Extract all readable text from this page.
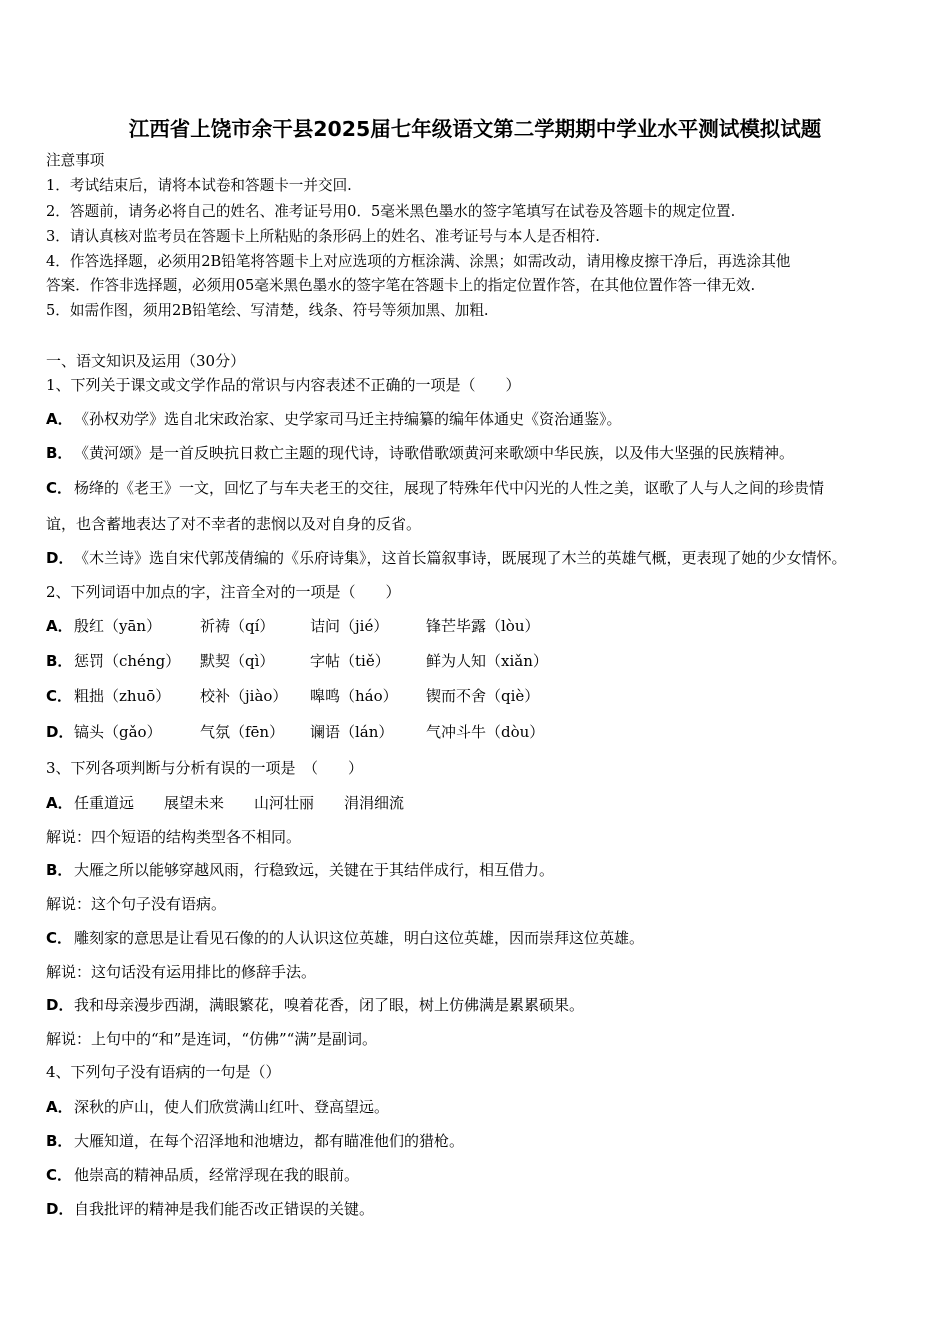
江西省上饶市余干县2025届七年级语文第二学期期中学业水平测试模拟试题
注意事项
1．考试结束后，请将本试卷和答题卡一并交回.
2．答题前，请务必将自己的姓名、准考证号用0．5毫米黑色墨水的签字笔填写在试卷及答题卡的规定位置.
3．请认真核对监考员在答题卡上所粘贴的条形码上的姓名、准考证号与本人是否相符.
4．作答选择题，必须用2B铅笔将答题卡上对应选项的方框涂满、涂黑；如需改动，请用橡皮擦干净后，再选涂其他
答案．作答非选择题，必须用05毫米黑色墨水的签字笔在答题卡上的指定位置作答，在其他位置作答一律无效.
5．如需作图，须用2B铅笔绘、写清楚，线条、符号等须加黑、加粗.
一、语文知识及运用（30分）
1、下列关于课文或文学作品的常识与内容表述不正确的一项是（　　）
A．《孙权劝学》选自北宋政治家、史学家司马迁主持编纂的编年体通史《资治通鉴》。
B． 《黄河颂》是一首反映抗日救亡主题的现代诗，诗歌借歌颂黄河来歌颂中华民族，以及伟大坚强的民族精神。
C． 杨绛的《老王》一文，回忆了与车夫老王的交往，展现了特殊年代中闪光的人性之美，讴歌了人与人之间的珍贵情
谊，也含蓄地表达了对不幸者的悲悯以及对自身的反省。
D．《木兰诗》选自宋代郭茂倩编的《乐府诗集》，这首长篇叙事诗，既展现了木兰的英雄气概，更表现了她的少女情怀。
2、下列词语中加点的字，注音全对的一项是（　　）
A．殷红（yān）	祈祷（qí） 诘问（jié）	锋芒毕露（lòu）
B． 惩罚（chéng） 默契（qì） 字帖（tiě） 鲜为人知（xiǎn）
C． 粗拙（zhuō） 校补（jiào） 嗥鸣（háo） 锲而不舍（qiè）
D．镐头（gǎo）	气氛（fēn） 谰语（lán） 气冲斗牛（dòu）
3、下列各项判断与分析有误的一项是　（　　）
A．任重道远　　展望未来　　山河壮丽　　涓涓细流
解说：四个短语的结构类型各不相同。
B． 大雁之所以能够穿越风雨，行稳致远，关键在于其结伴成行，相互借力。
解说：这个句子没有语病。
C． 雕刻家的意思是让看见石像的的人认识这位英雄，明白这位英雄，因而崇拜这位英雄。
解说：这句话没有运用排比的修辞手法。
D．我和母亲漫步西湖，满眼繁花，嗅着花香，闭了眼，树上仿佛满是累累硕果。
解说：上句中的“和”是连词，“仿佛”“满”是副词。
4、下列句子没有语病的一句是（）
A．深秋的庐山，使人们欣赏满山红叶、登高望远。
B． 大雁知道，在每个沼泽地和池塘边，都有瞄准他们的猎枪。
C． 他崇高的精神品质，经常浮现在我的眼前。
D．自我批评的精神是我们能否改正错误的关键。
